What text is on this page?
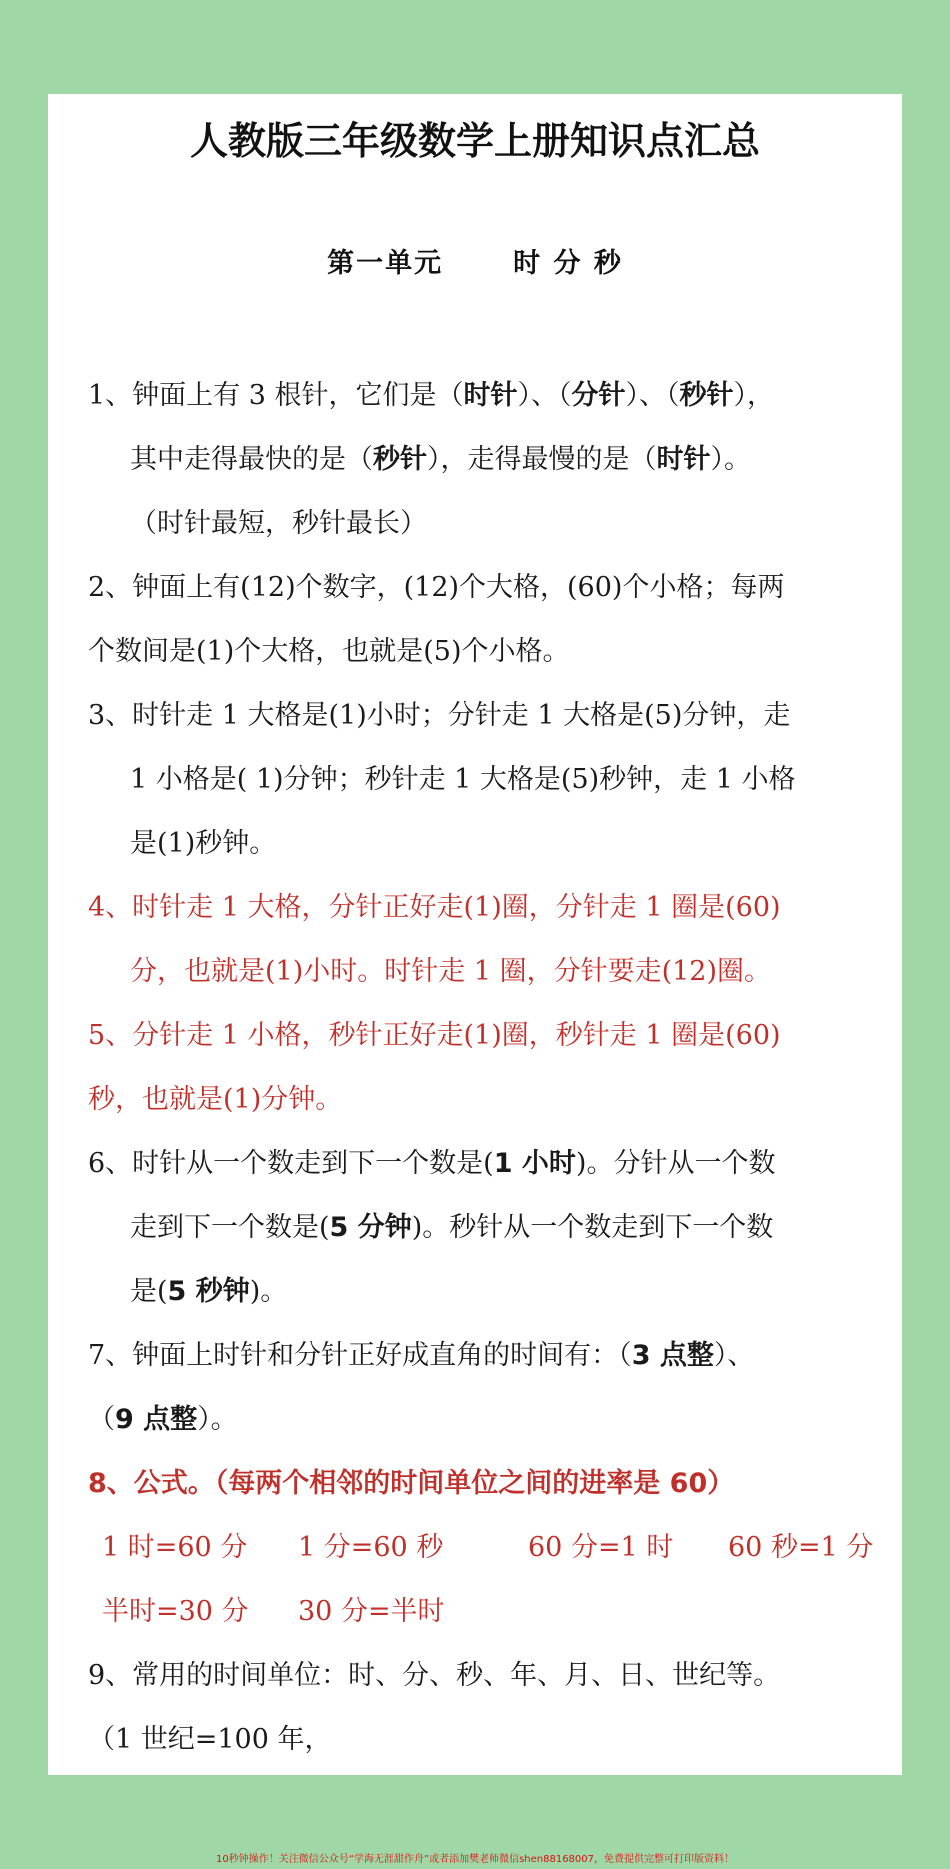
人教版三年级数学上册知识点汇总
第一单元	时 分 秒
1、钟面上有 3 根针，它们是（时针）、（分针）、（秒针），
其中走得最快的是（秒针），走得最慢的是（时针）。
（时针最短，秒针最长）
2、钟面上有(12)个数字，(12)个大格，(60)个小格；每两
个数间是(1)个大格，也就是(5)个小格。
3、时针走 1 大格是(1)小时；分针走 1 大格是(5)分钟，走
1 小格是( 1)分钟；秒针走 1 大格是(5)秒钟，走 1 小格
是(1)秒钟。
4、时针走 1 大格，分针正好走(1)圈，分针走 1 圈是(60)
分，也就是(1)小时。时针走 1 圈，分针要走(12)圈。
5、分针走 1 小格，秒针正好走(1)圈，秒针走 1 圈是(60)
秒，也就是(1)分钟。
6、时针从一个数走到下一个数是(1 小时)。分针从一个数
走到下一个数是(5 分钟)。秒针从一个数走到下一个数
是(5 秒钟)。
7、钟面上时针和分针正好成直角的时间有：（3 点整）、
（9 点整）。
8、公式。（每两个相邻的时间单位之间的进率是 60）
1 时=60 分 1 分=60 秒	60 分=1 时 60 秒=1 分
半时=30 分 30 分=半时
9、常用的时间单位：时、分、秒、年、月、日、世纪等。
（1 世纪=100 年，
10秒钟操作！关注微信公众号“学海无涯甜作舟”或者添加樊老师微信shen88168007，免费提供完整可打印版资料！
